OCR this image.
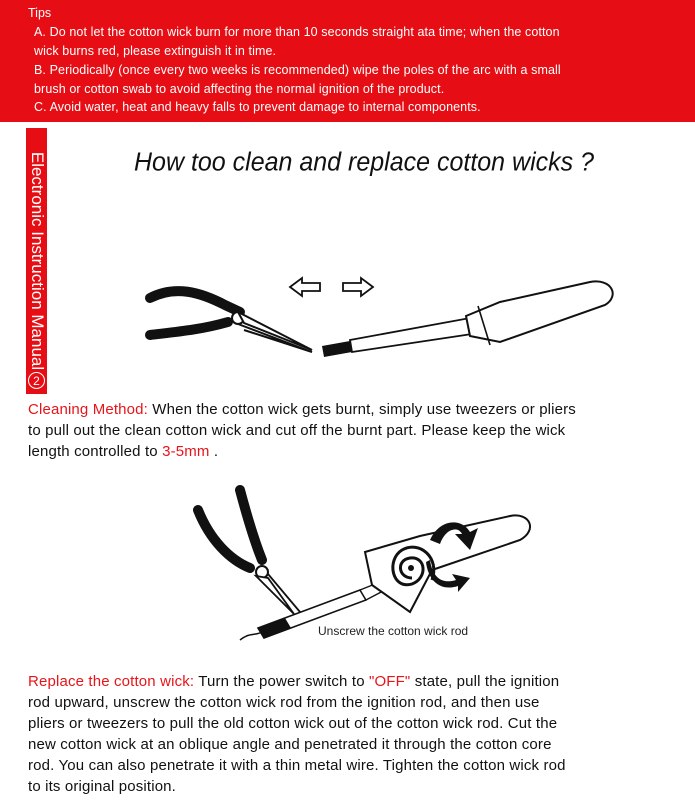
Tips
A. Do not let the cotton wick burn for more than 10 seconds straight ata time; when the cotton
wick burns red, please extinguish it in time.
B. Periodically (once every two weeks is recommended) wipe the poles of the arc with a small
brush or cotton swab to avoid affecting the normal ignition of the product.
C. Avoid water, heat and heavy falls to prevent damage to internal components.
Electronic Instruction Manual
2
How too clean and replace cotton wicks ?
Cleaning Method: When the cotton wick gets burnt, simply use tweezers or pliers
to pull out the clean cotton wick and cut off the burnt part. Please keep the wick
length controlled to 3-5mm .
Unscrew the cotton wick rod
Replace the cotton wick: Turn the power switch to "OFF" state, pull the ignition
rod upward, unscrew the cotton wick rod from the ignition rod, and then use
pliers or tweezers to pull the old cotton wick out of the cotton wick rod. Cut the
new cotton wick at an oblique angle and penetrated it through the cotton core
rod. You can also penetrate it with a thin metal wire. Tighten the cotton wick rod
to its original position.
